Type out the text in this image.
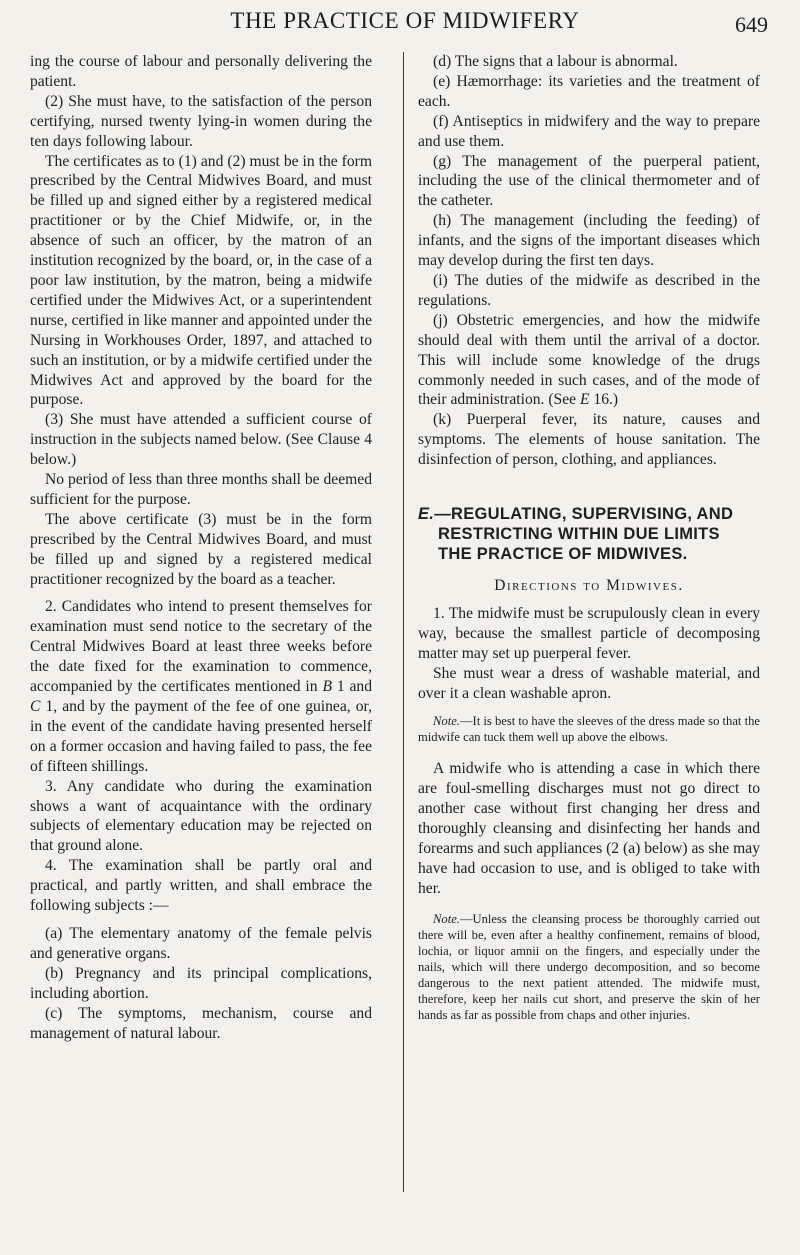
THE PRACTICE OF MIDWIFERY	649

ing the course of labour and personally delivering the patient.

(2) She must have, to the satisfaction of the person certifying, nursed twenty lying-in women during the ten days following labour.

The certificates as to (1) and (2) must be in the form prescribed by the Central Midwives Board, and must be filled up and signed either by a registered medical practitioner or by the Chief Midwife, or, in the absence of such an officer, by the matron of an institution recognized by the board, or, in the case of a poor law institution, by the matron, being a midwife certified under the Midwives Act, or a superintendent nurse, certified in like manner and appointed under the Nursing in Workhouses Order, 1897, and attached to such an institution, or by a midwife certified under the Midwives Act and approved by the board for the purpose.

(3) She must have attended a sufficient course of instruction in the subjects named below. (See Clause 4 below.)

No period of less than three months shall be deemed sufficient for the purpose.

The above certificate (3) must be in the form prescribed by the Central Midwives Board, and must be filled up and signed by a registered medical practitioner recognized by the board as a teacher.

2. Candidates who intend to present themselves for examination must send notice to the secretary of the Central Midwives Board at least three weeks before the date fixed for the examination to commence, accompanied by the certificates mentioned in B 1 and C 1, and by the payment of the fee of one guinea, or, in the event of the candidate having presented herself on a former occasion and having failed to pass, the fee of fifteen shillings.

3. Any candidate who during the examination shows a want of acquaintance with the ordinary subjects of elementary education may be rejected on that ground alone.

4. The examination shall be partly oral and practical, and partly written, and shall embrace the following subjects :—

(a) The elementary anatomy of the female pelvis and generative organs.

(b) Pregnancy and its principal complications, including abortion.

(c) The symptoms, mechanism, course and management of natural labour.

(d) The signs that a labour is abnormal.

(e) Hæmorrhage: its varieties and the treatment of each.

(f) Antiseptics in midwifery and the way to prepare and use them.

(g) The management of the puerperal patient, including the use of the clinical thermometer and of the catheter.

(h) The management (including the feeding) of infants, and the signs of the important diseases which may develop during the first ten days.

(i) The duties of the midwife as described in the regulations.

(j) Obstetric emergencies, and how the midwife should deal with them until the arrival of a doctor. This will include some knowledge of the drugs commonly needed in such cases, and of the mode of their administration. (See E 16.)

(k) Puerperal fever, its nature, causes and symptoms. The elements of house sanitation. The disinfection of person, clothing, and appliances.

E.—REGULATING, SUPERVISING, AND
RESTRICTING WITHIN DUE LIMITS
THE PRACTICE OF MIDWIVES.
Directions to Midwives.

1. The midwife must be scrupulously clean in every way, because the smallest particle of decomposing matter may set up puerperal fever.

She must wear a dress of washable material, and over it a clean washable apron.

Note.—It is best to have the sleeves of the dress made so that the midwife can tuck them well up above the elbows.

A midwife who is attending a case in which there are foul-smelling discharges must not go direct to another case without first changing her dress and thoroughly cleansing and disinfecting her hands and forearms and such appliances (2 (a) below) as she may have had occasion to use, and is obliged to take with her.

Note.—Unless the cleansing process be thoroughly carried out there will be, even after a healthy confinement, remains of blood, lochia, or liquor amnii on the fingers, and especially under the nails, which will there undergo decomposition, and so become dangerous to the next patient attended. The midwife must, therefore, keep her nails cut short, and preserve the skin of her hands as far as possible from chaps and other injuries.
